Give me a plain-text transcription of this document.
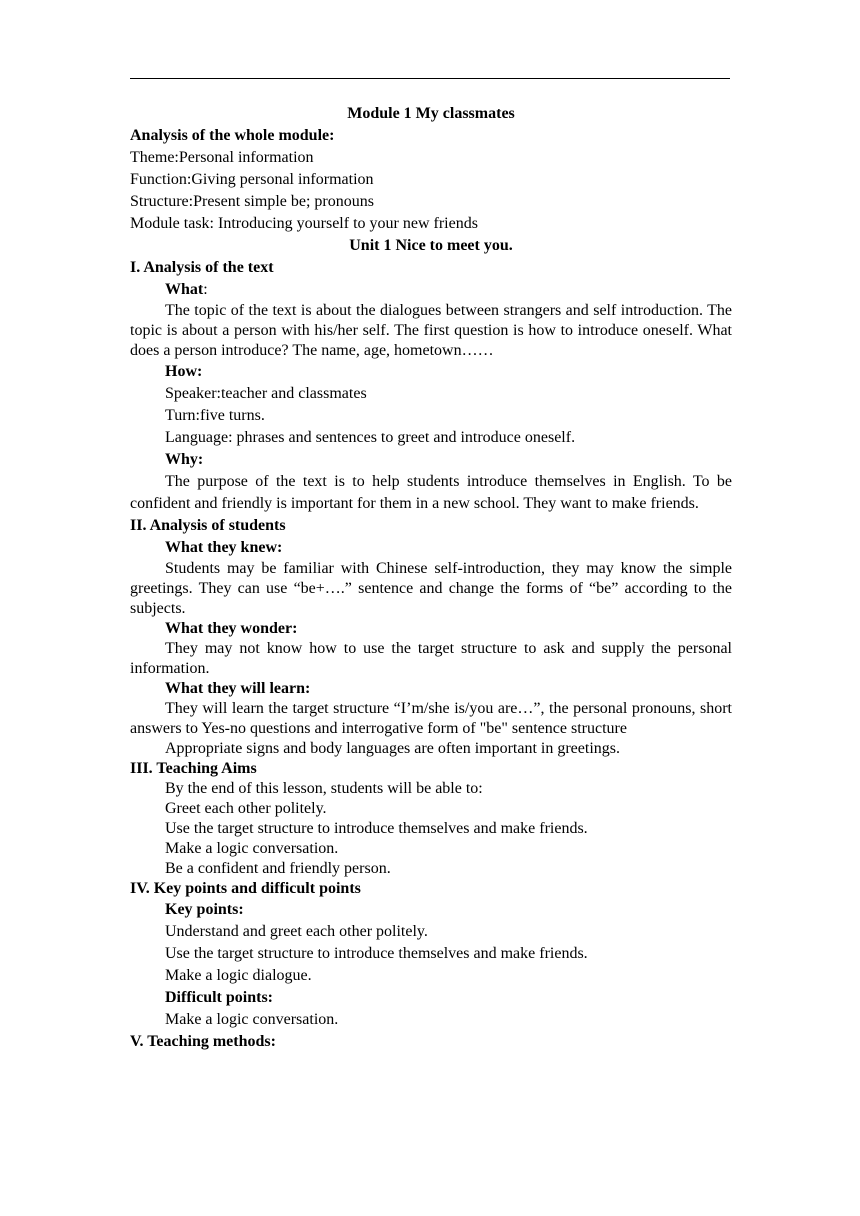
Module 1 My classmates

Analysis of the whole module:

Theme:Personal information

Function:Giving personal information

Structure:Present simple be; pronouns

Module task: Introducing yourself to your new friends

Unit 1 Nice to meet you.

I. Analysis of the text

What:

The topic of the text is about the dialogues between strangers and self introduction. The topic is about a person with his/her self. The first question is how to introduce oneself. What does a person introduce? The name, age, hometown……

How:

Speaker:teacher and classmates

Turn:five turns.

Language: phrases and sentences to greet and introduce oneself.

Why:

The purpose of the text is to help students introduce themselves in English. To be confident and friendly is important for them in a new school. They want to make friends.

II. Analysis of students

What they knew:

Students may be familiar with Chinese self-introduction, they may know the simple greetings. They can use “be+….” sentence and change the forms of “be” according to the subjects.

What they wonder:

They may not know how to use the target structure to ask and supply the personal information.

What they will learn:

They will learn the target structure “I’m/she is/you are…”, the personal pronouns, short answers to Yes-no questions and interrogative form of "be" sentence structure

Appropriate signs and body languages are often important in greetings.

III. Teaching Aims

By the end of this lesson, students will be able to:

Greet each other politely.

Use the target structure to introduce themselves and make friends.

Make a logic conversation.

Be a confident and friendly person.

IV. Key points and difficult points

Key points:

Understand and greet each other politely.

Use the target structure to introduce themselves and make friends.

Make a logic dialogue.

Difficult points:

Make a logic conversation.

V. Teaching methods:
